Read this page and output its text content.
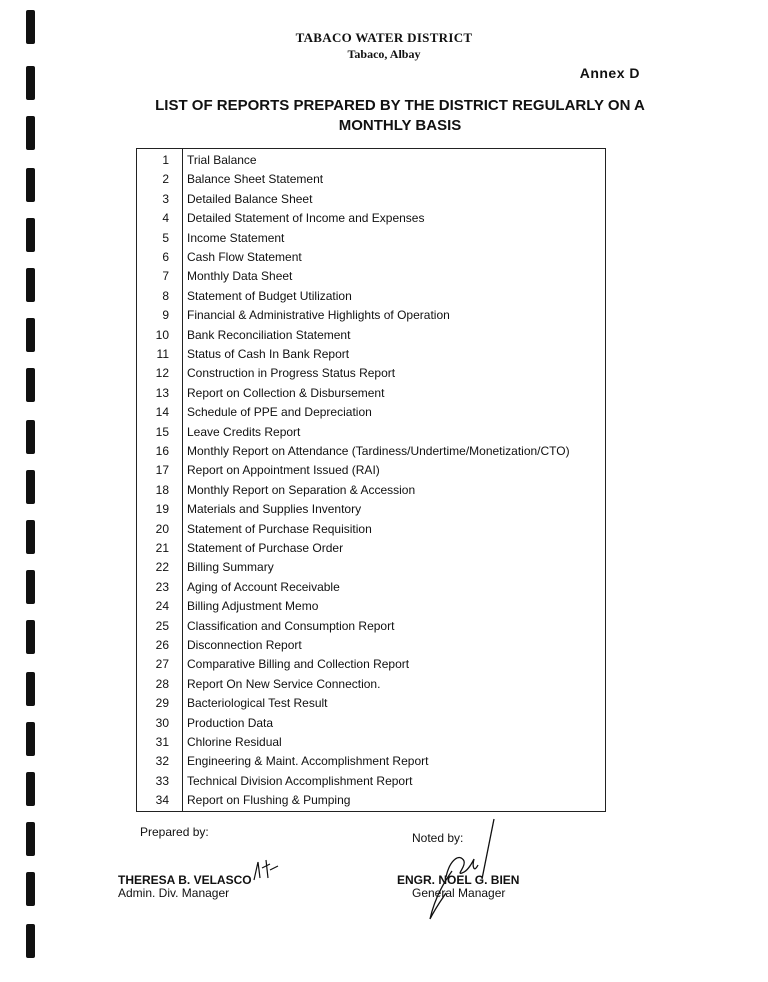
TABACO WATER DISTRICT
Tabaco, Albay
Annex D
LIST OF REPORTS PREPARED BY THE DISTRICT REGULARLY ON A
MONTHLY BASIS
1 Trial Balance
2 Balance Sheet Statement
3 Detailed Balance Sheet
4 Detailed Statement of Income and Expenses
5 Income Statement
6 Cash Flow Statement
7 Monthly Data Sheet
8 Statement of Budget Utilization
9 Financial & Administrative Highlights of Operation
10 Bank Reconciliation Statement
11 Status of Cash In Bank Report
12 Construction in Progress Status Report
13 Report on Collection & Disbursement
14 Schedule of PPE and Depreciation
15 Leave Credits Report
16 Monthly Report on Attendance (Tardiness/Undertime/Monetization/CTO)
17 Report on Appointment Issued (RAI)
18 Monthly Report on Separation & Accession
19 Materials and Supplies Inventory
20 Statement of Purchase Requisition
21 Statement of Purchase Order
22 Billing Summary
23 Aging of Account Receivable
24 Billing Adjustment Memo
25 Classification and Consumption Report
26 Disconnection Report
27 Comparative Billing and Collection Report
28 Report On New Service Connection.
29 Bacteriological Test Result
30 Production Data
31 Chlorine Residual
32 Engineering & Maint. Accomplishment Report
33 Technical Division Accomplishment Report
34 Report on Flushing & Pumping
Prepared by:	Noted by:
THERESA B. VELASCO
Admin. Div. Manager
ENGR. NOEL G. BIEN
General Manager
